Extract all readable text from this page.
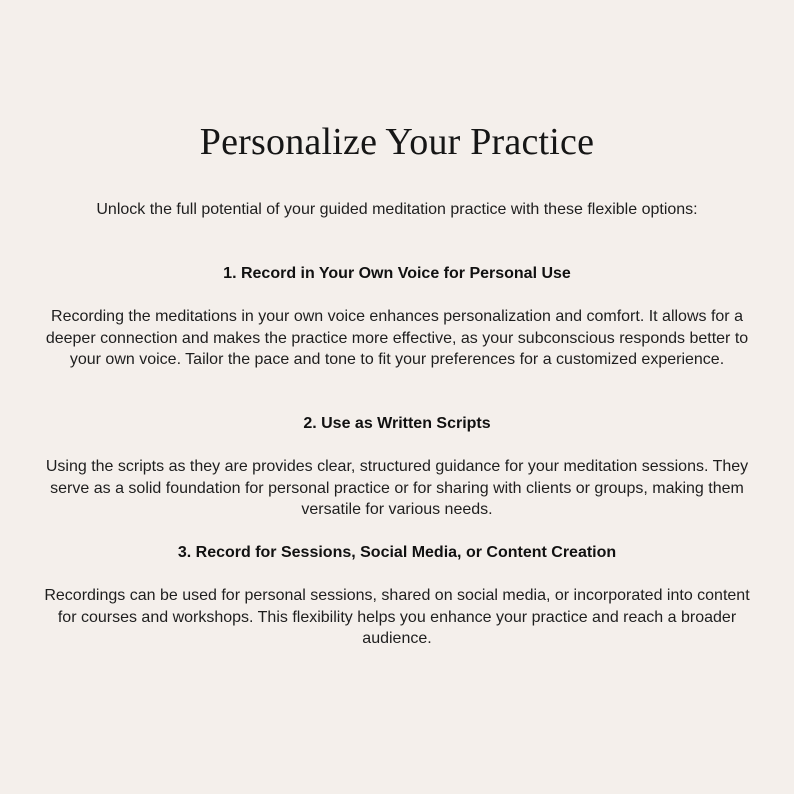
Personalize Your Practice

Unlock the full potential of your guided meditation practice with these flexible options:

1. Record in Your Own Voice for Personal Use

Recording the meditations in your own voice enhances personalization and comfort. It allows for a deeper connection and makes the practice more effective, as your subconscious responds better to your own voice. Tailor the pace and tone to fit your preferences for a customized experience.

2. Use as Written Scripts

Using the scripts as they are provides clear, structured guidance for your meditation sessions. They serve as a solid foundation for personal practice or for sharing with clients or groups, making them versatile for various needs.

3. Record for Sessions, Social Media, or Content Creation

Recordings can be used for personal sessions, shared on social media, or incorporated into content for courses and workshops. This flexibility helps you enhance your practice and reach a broader audience.
